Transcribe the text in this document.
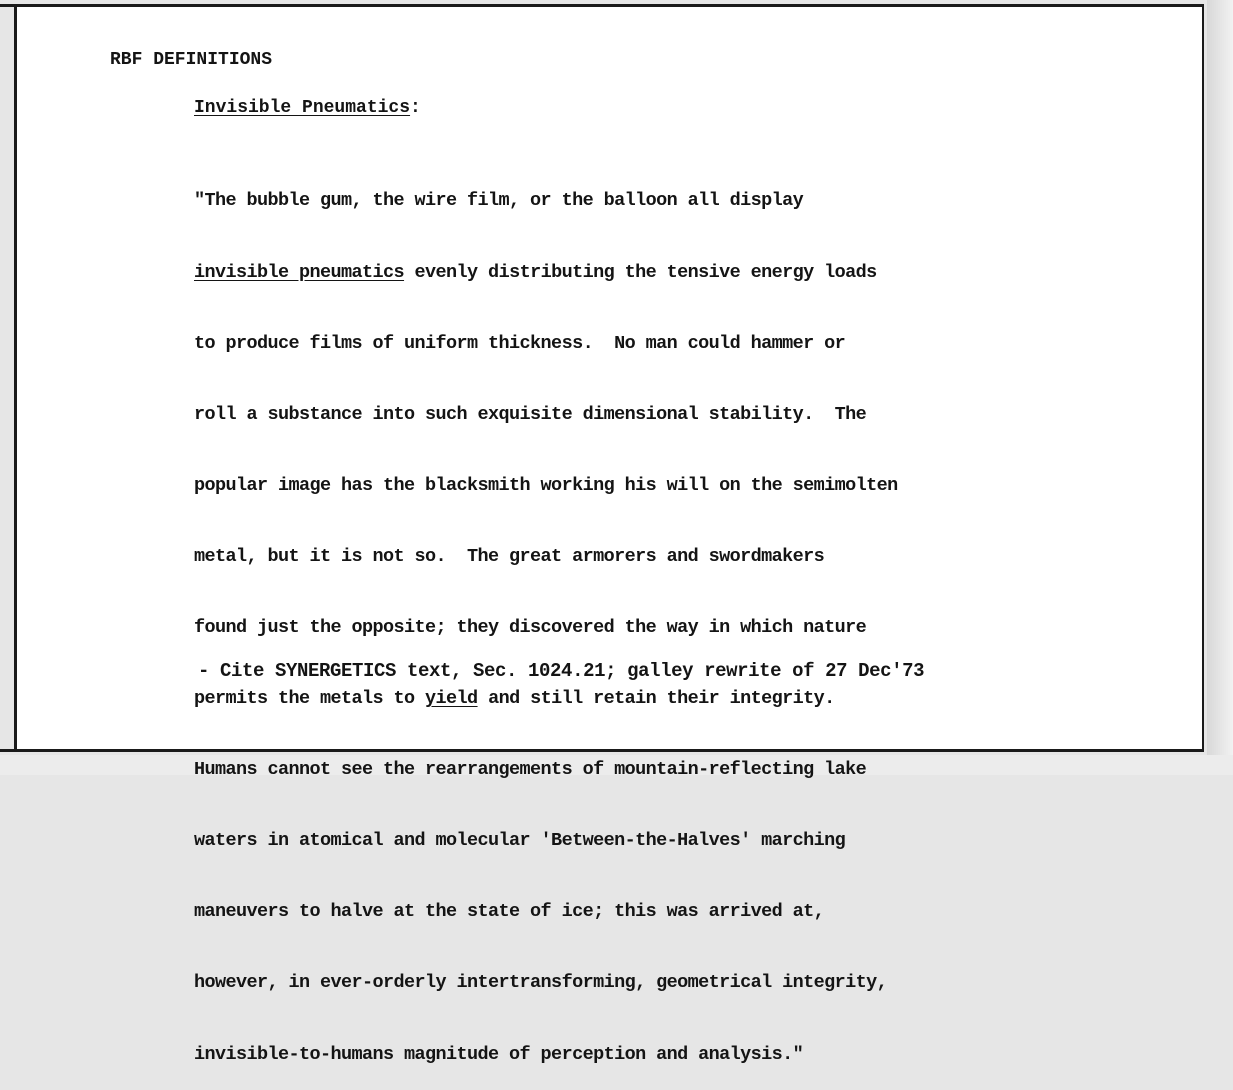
RBF DEFINITIONS
Invisible Pneumatics:

"The bubble gum, the wire film, or the balloon all display

invisible pneumatics evenly distributing the tensive energy loads

to produce films of uniform thickness.  No man could hammer or

roll a substance into such exquisite dimensional stability.  The

popular image has the blacksmith working his will on the semimolten

metal, but it is not so.  The great armorers and swordmakers

found just the opposite; they discovered the way in which nature

permits the metals to yield and still retain their integrity.

Humans cannot see the rearrangements of mountain-reflecting lake

waters in atomical and molecular 'Between-the-Halves' marching

maneuvers to halve at the state of ice; this was arrived at,

however, in ever-orderly intertransforming, geometrical integrity,

invisible-to-humans magnitude of perception and analysis."

- Cite SYNERGETICS text, Sec. 1024.21; galley rewrite of 27 Dec'73
